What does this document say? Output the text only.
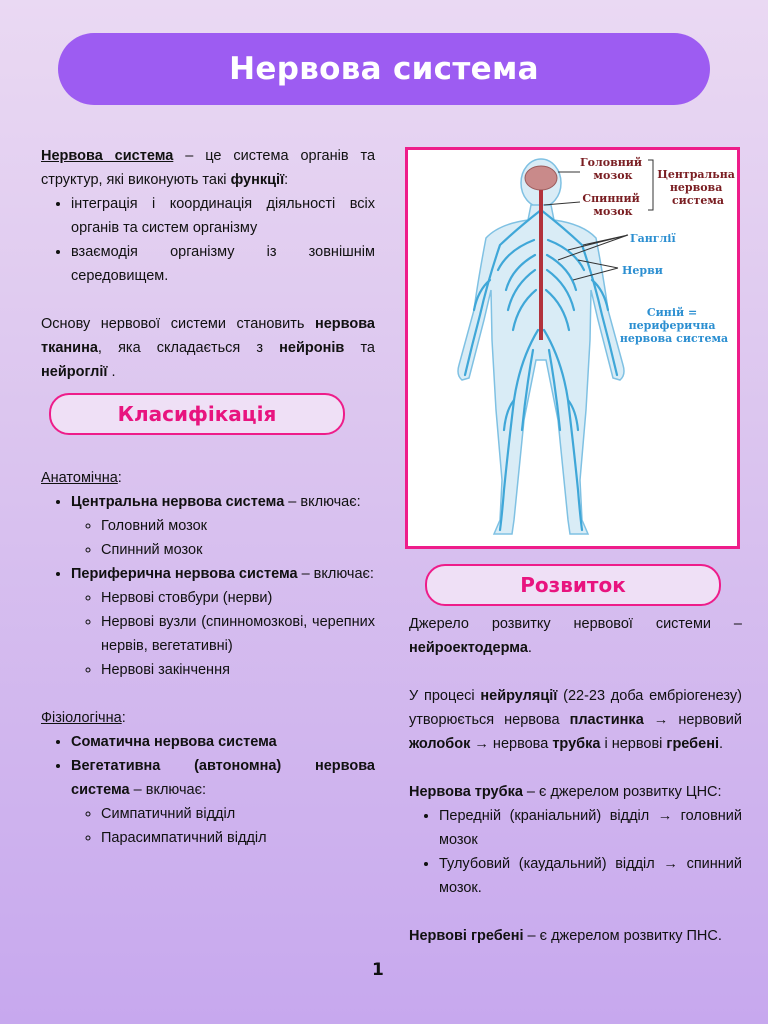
Нервова система

Нервова система – це система органів та структур, які виконують такі функції:

• інтеграція і координація діяльності всіх органів та систем організму
• взаємодія організму із зовнішнім середовищем.

Основу нервової системи становить нервова тканина, яка складається з нейронів та нейроглії .

Анатомічна:

• Центральна нервова система – включає:
◦ Головний мозок
◦ Спинний мозок
• Периферична нервова система – включає:
◦ Нервові стовбури (нерви)
◦ Нервові вузли (спинномозкові, черепних нервів, вегетативні)
◦ Нервові закінчення

Фізіологічна:

• Соматична нервова система
• Вегетативна (автономна) нервова система – включає:
◦ Симпатичний відділ
◦ Парасимпатичний відділ
Класифікація
Головний мозок
Спинний мозок
Центральна нервова система
Ганглії
Нерви
Синій = периферична нервова система
Розвиток

Джерело розвитку нервової системи – нейроектодерма.

У процесі нейруляції (22-23 доба ембріогенезу) утворюється нервова пластинка → нервовий жолобок → нервова трубка і нервові гребені.

Нервова трубка – є джерелом розвитку ЦНС:

• Передній (краніальний) відділ → головний мозок
• Тулубовий (каудальний) відділ → спинний мозок.

Нервові гребені – є джерелом розвитку ПНС.

1
